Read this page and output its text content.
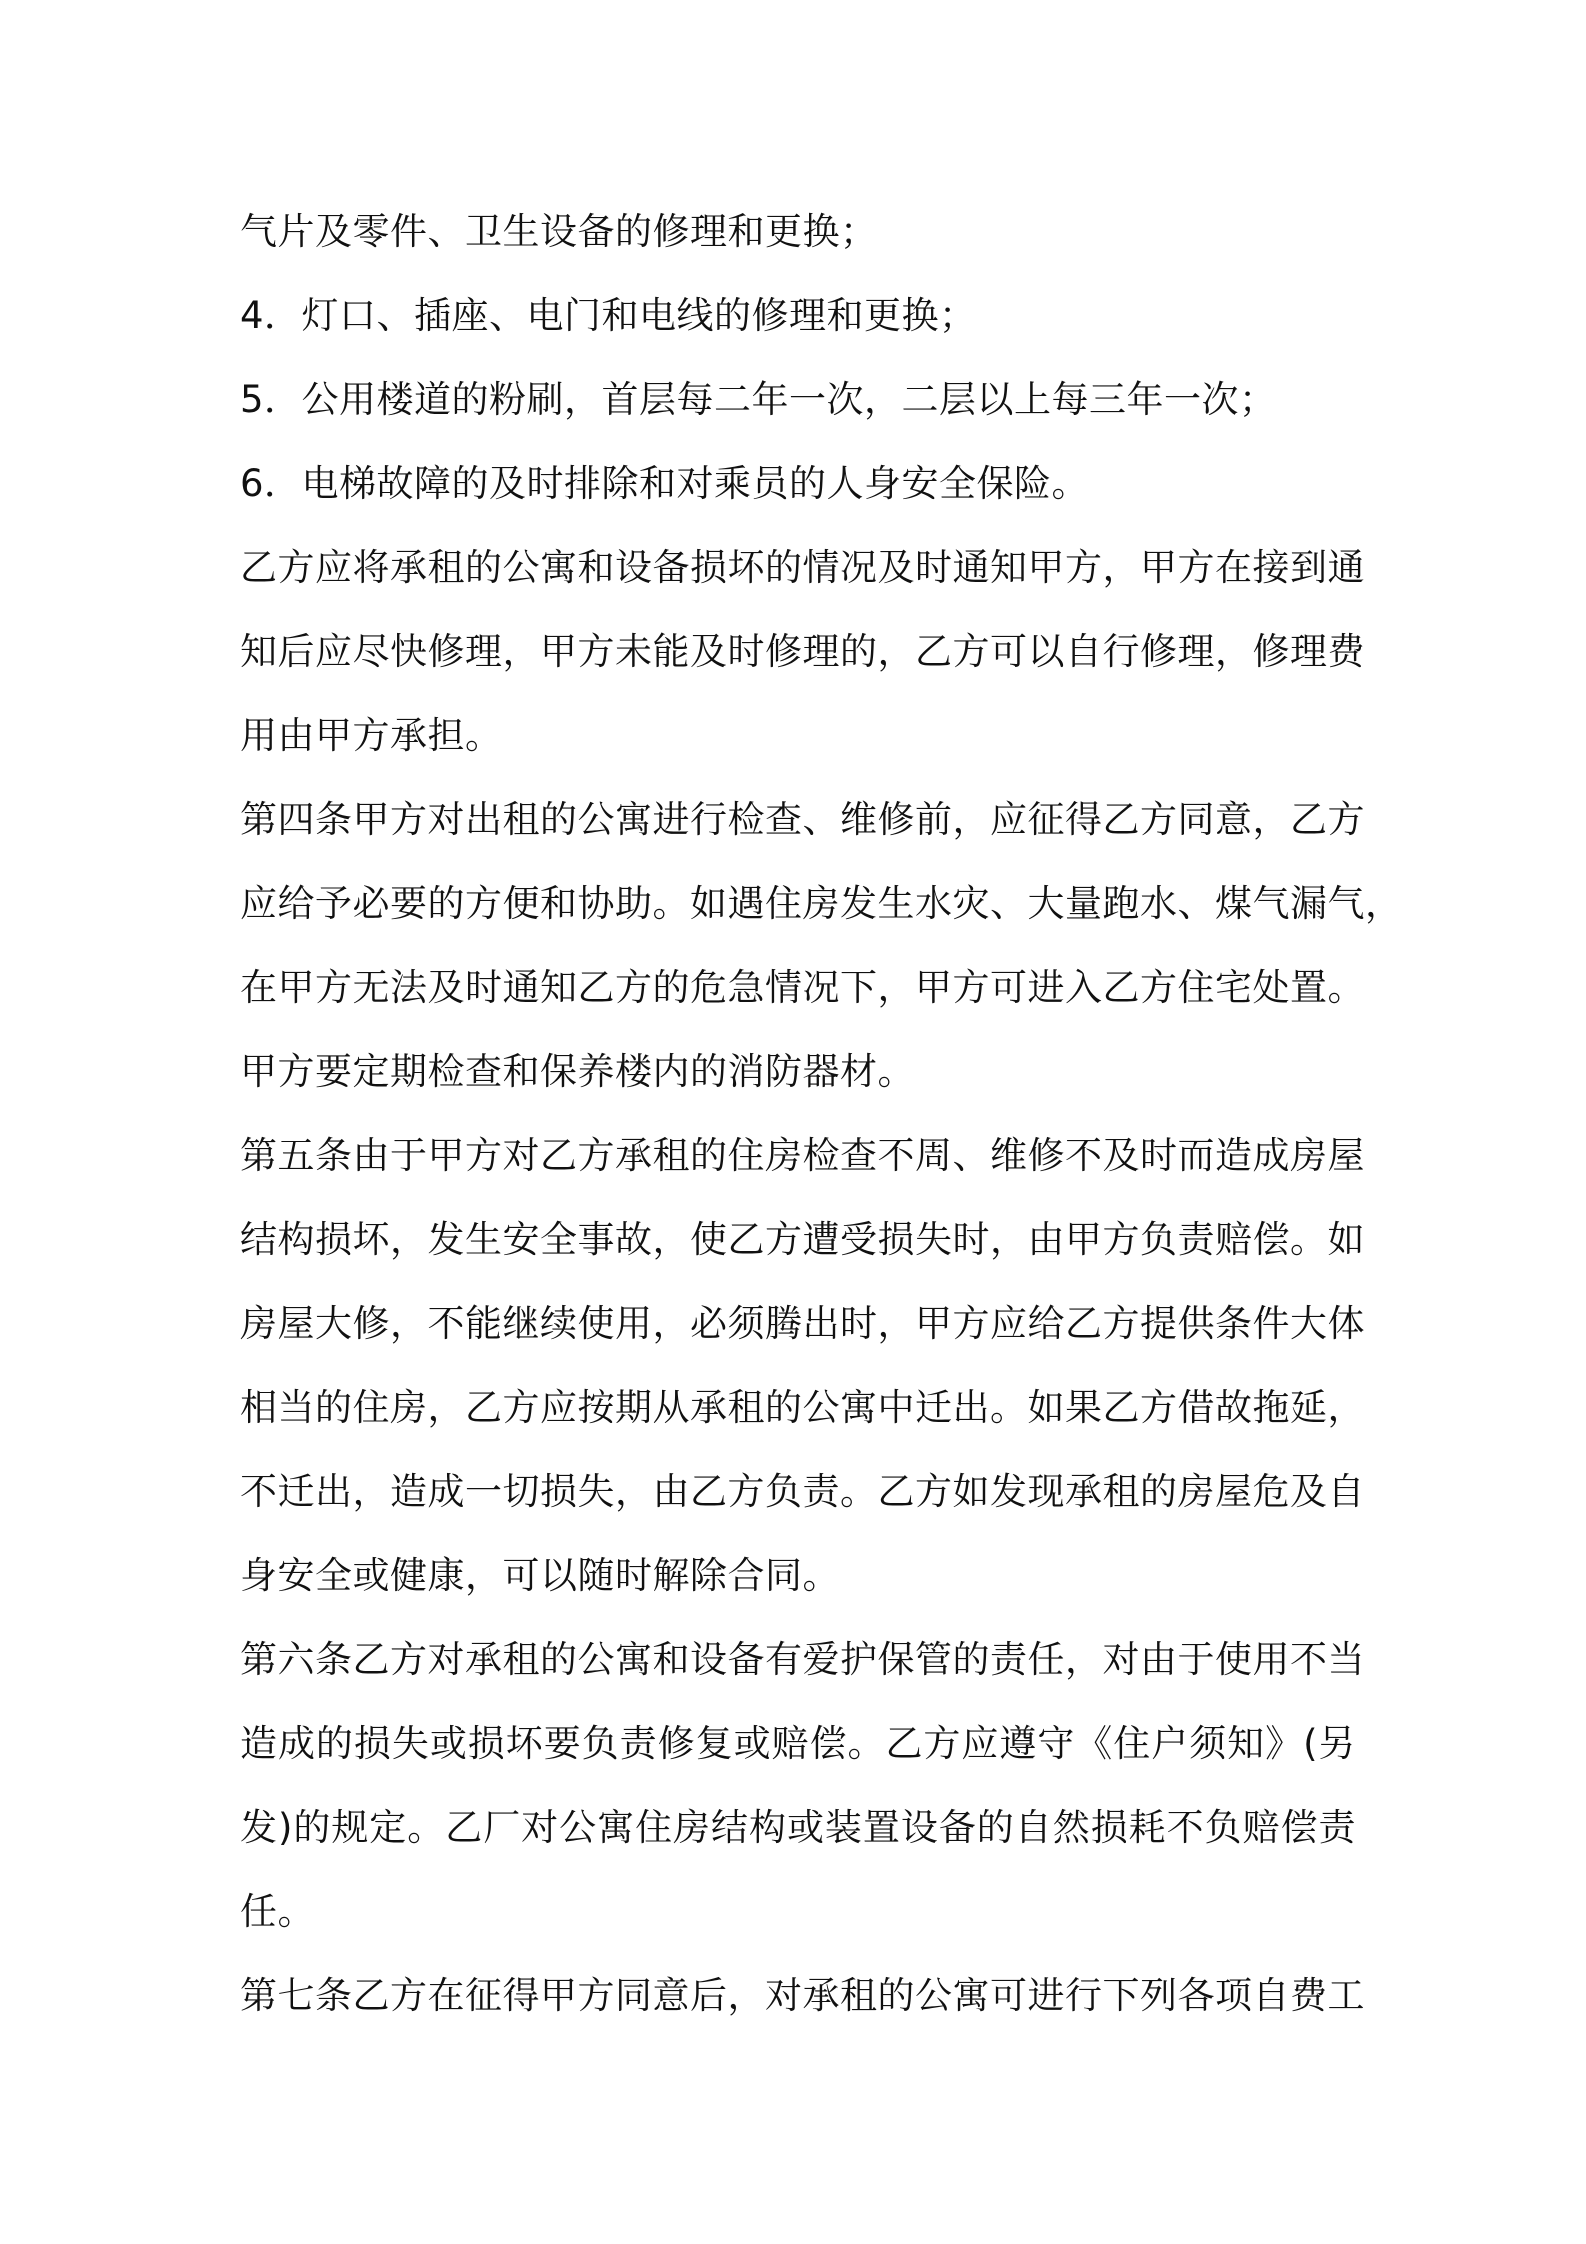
气片及零件、卫生设备的修理和更换；
4．灯口、插座、电门和电线的修理和更换；
5．公用楼道的粉刷，首层每二年一次，二层以上每三年一次；
6．电梯故障的及时排除和对乘员的人身安全保险。
乙方应将承租的公寓和设备损坏的情况及时通知甲方，甲方在接到通
知后应尽快修理，甲方未能及时修理的，乙方可以自行修理，修理费
用由甲方承担。
第四条甲方对出租的公寓进行检查、维修前，应征得乙方同意，乙方
应给予必要的方便和协助。如遇住房发生水灾、大量跑水、煤气漏气，
在甲方无法及时通知乙方的危急情况下，甲方可进入乙方住宅处置。
甲方要定期检查和保养楼内的消防器材。
第五条由于甲方对乙方承租的住房检查不周、维修不及时而造成房屋
结构损坏，发生安全事故，使乙方遭受损失时，由甲方负责赔偿。如
房屋大修，不能继续使用，必须腾出时，甲方应给乙方提供条件大体
相当的住房，乙方应按期从承租的公寓中迁出。如果乙方借故拖延，
不迁出，造成一切损失，由乙方负责。乙方如发现承租的房屋危及自
身安全或健康，可以随时解除合同。
第六条乙方对承租的公寓和设备有爱护保管的责任，对由于使用不当
造成的损失或损坏要负责修复或赔偿。乙方应遵守《住户须知》(另
发)的规定。乙厂对公寓住房结构或装置设备的自然损耗不负赔偿责
任。
第七条乙方在征得甲方同意后，对承租的公寓可进行下列各项自费工
